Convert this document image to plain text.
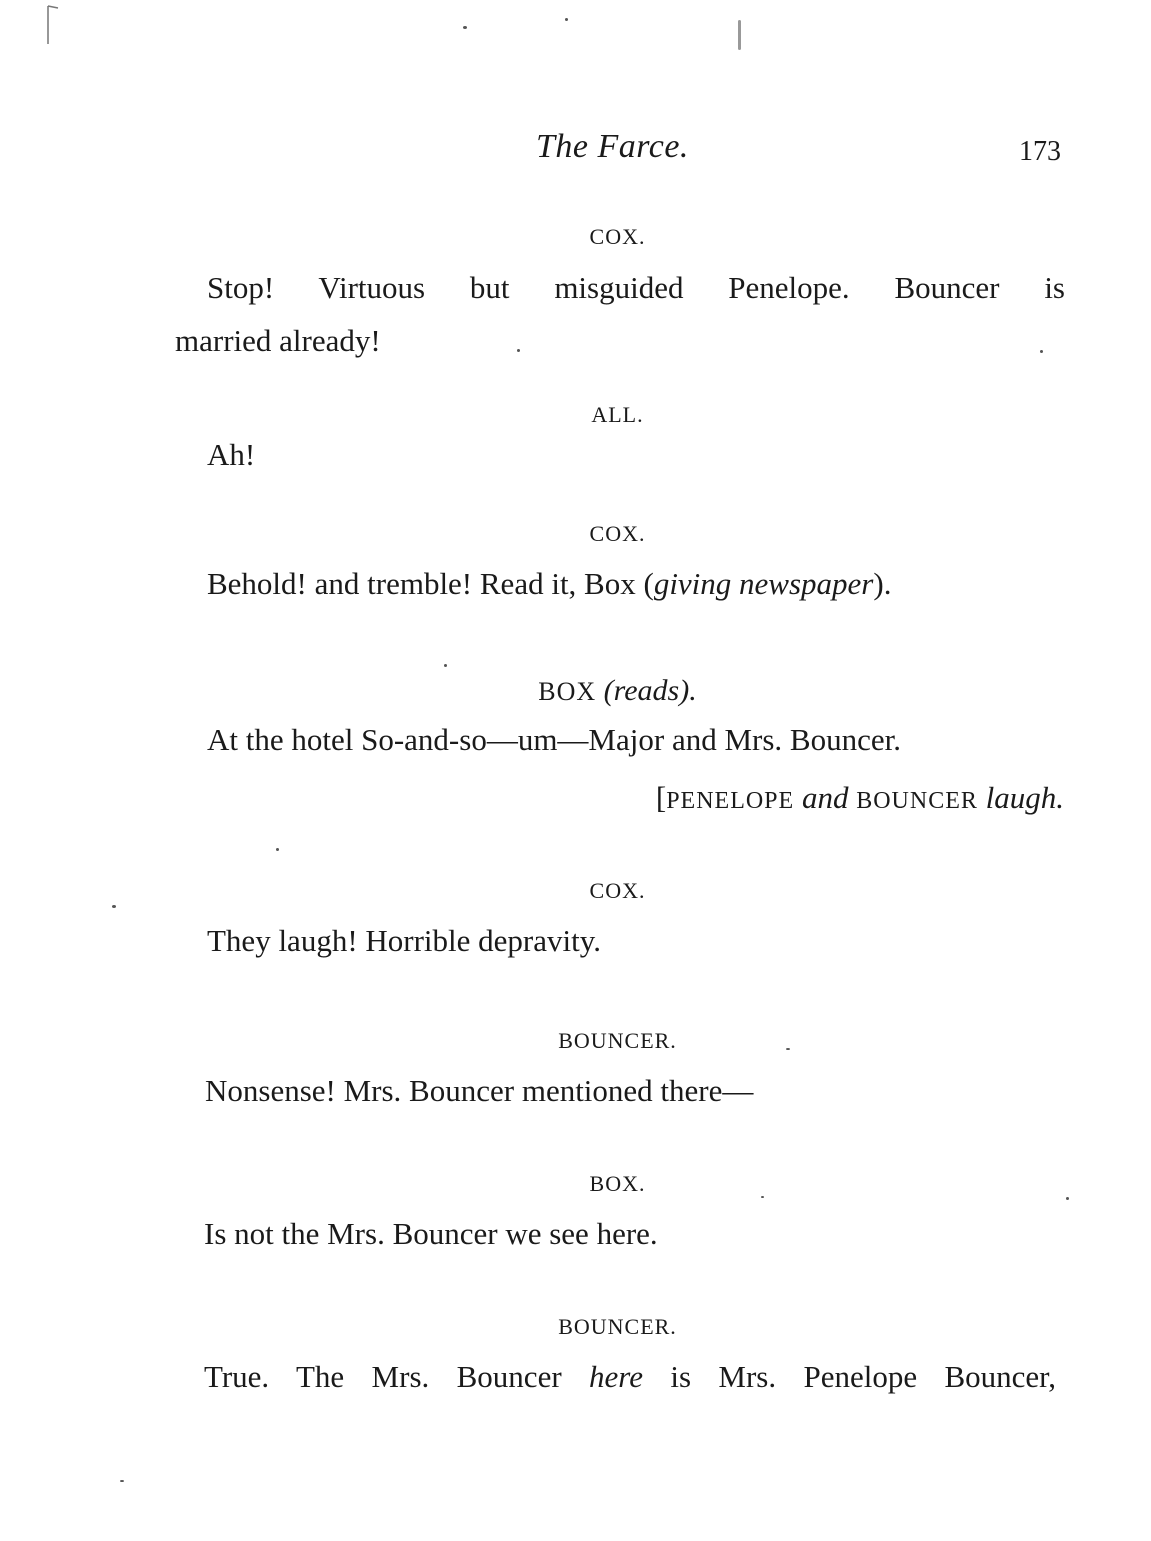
The Farce.	173
COX.
Stop! Virtuous but misguided Penelope. Bouncer is
married already!
ALL.
Ah!
COX.
Behold! and tremble! Read it, Box (giving newspaper).
BOX (reads).
At the hotel So-and-so—um—Major and Mrs. Bouncer.
[PENELOPE and BOUNCER laugh.
COX.
They laugh! Horrible depravity.
BOUNCER.
Nonsense! Mrs. Bouncer mentioned there—
BOX.
Is not the Mrs. Bouncer we see here.
BOUNCER.
True. The Mrs. Bouncer here is Mrs. Penelope Bouncer,
